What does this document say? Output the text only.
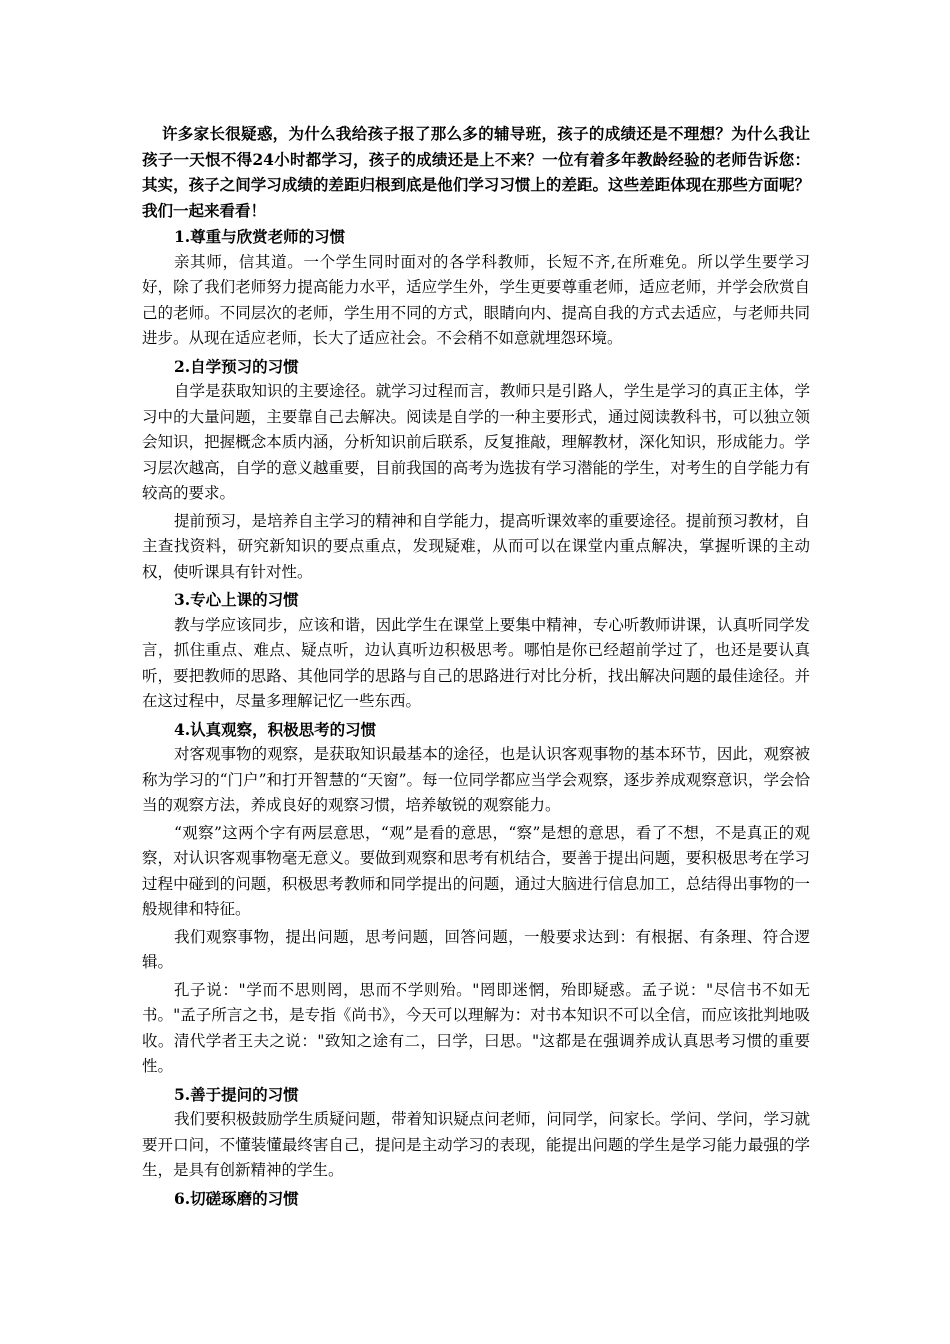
许多家长很疑惑，为什么我给孩子报了那么多的辅导班，孩子的成绩还是不理想？为什么我让孩子一天恨不得24小时都学习，孩子的成绩还是上不来？一位有着多年教龄经验的老师告诉您：其实，孩子之间学习成绩的差距归根到底是他们学习习惯上的差距。这些差距体现在那些方面呢？我们一起来看看！

1.尊重与欣赏老师的习惯

亲其师，信其道。一个学生同时面对的各学科教师，长短不齐,在所难免。所以学生要学习好，除了我们老师努力提高能力水平，适应学生外，学生更要尊重老师，适应老师，并学会欣赏自己的老师。不同层次的老师，学生用不同的方式，眼睛向内、提高自我的方式去适应，与老师共同进步。从现在适应老师，长大了适应社会。不会稍不如意就埋怨环境。

2.自学预习的习惯

自学是获取知识的主要途径。就学习过程而言，教师只是引路人，学生是学习的真正主体，学习中的大量问题，主要靠自己去解决。阅读是自学的一种主要形式，通过阅读教科书，可以独立领会知识，把握概念本质内涵，分析知识前后联系，反复推敲，理解教材，深化知识，形成能力。学习层次越高，自学的意义越重要，目前我国的高考为选拔有学习潜能的学生，对考生的自学能力有较高的要求。

提前预习，是培养自主学习的精神和自学能力，提高听课效率的重要途径。提前预习教材，自主查找资料，研究新知识的要点重点，发现疑难，从而可以在课堂内重点解决，掌握听课的主动权，使听课具有针对性。

3.专心上课的习惯

教与学应该同步，应该和谐，因此学生在课堂上要集中精神，专心听教师讲课，认真听同学发言，抓住重点、难点、疑点听，边认真听边积极思考。哪怕是你已经超前学过了，也还是要认真听，要把教师的思路、其他同学的思路与自己的思路进行对比分析，找出解决问题的最佳途径。并在这过程中，尽量多理解记忆一些东西。

4.认真观察，积极思考的习惯

对客观事物的观察，是获取知识最基本的途径，也是认识客观事物的基本环节，因此，观察被称为学习的“门户”和打开智慧的“天窗”。每一位同学都应当学会观察，逐步养成观察意识，学会恰当的观察方法，养成良好的观察习惯，培养敏锐的观察能力。

“观察”这两个字有两层意思，“观”是看的意思，“察”是想的意思，看了不想，不是真正的观察，对认识客观事物毫无意义。要做到观察和思考有机结合，要善于提出问题，要积极思考在学习过程中碰到的问题，积极思考教师和同学提出的问题，通过大脑进行信息加工，总结得出事物的一般规律和特征。

我们观察事物，提出问题，思考问题，回答问题，一般要求达到：有根据、有条理、符合逻辑。

孔子说："学而不思则罔，思而不学则殆。"罔即迷惘，殆即疑惑。孟子说："尽信书不如无书。"孟子所言之书，是专指《尚书》，今天可以理解为：对书本知识不可以全信，而应该批判地吸收。清代学者王夫之说："致知之途有二，曰学，曰思。"这都是在强调养成认真思考习惯的重要性。

5.善于提问的习惯

我们要积极鼓励学生质疑问题，带着知识疑点问老师，问同学，问家长。学问、学问，学习就要开口问，不懂装懂最终害自己，提问是主动学习的表现，能提出问题的学生是学习能力最强的学生，是具有创新精神的学生。

6.切磋琢磨的习惯
